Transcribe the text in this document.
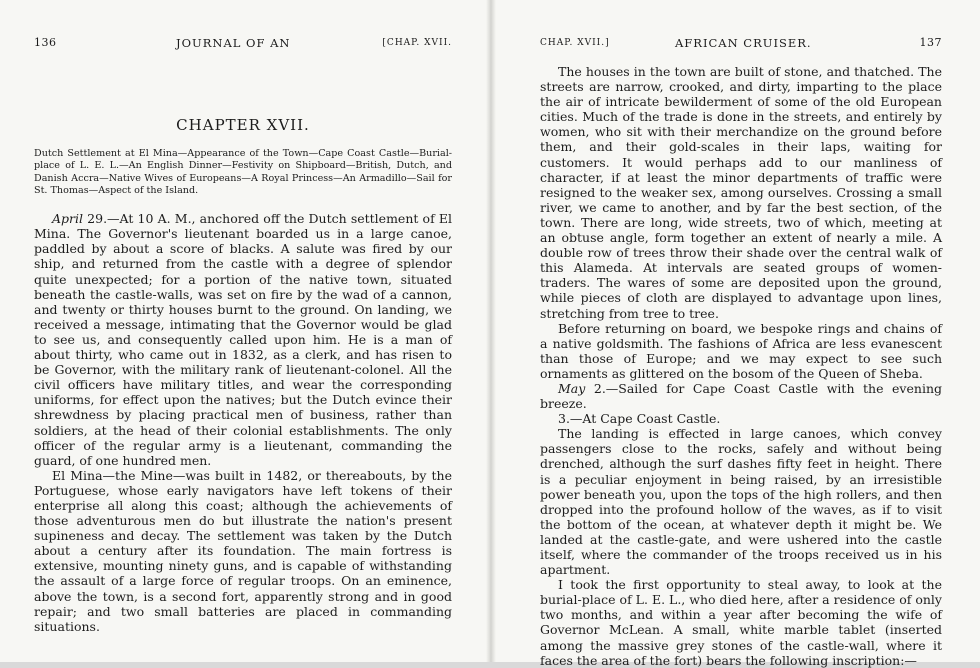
136	JOURNAL OF AN	[CHAP. XVII.
CHAPTER XVII.
Dutch Settlement at El Mina—Appearance of the Town—Cape Coast Castle—Burial-place of L. E. L.—An English Dinner—Festivity on Shipboard—British, Dutch, and Danish Accra—Native Wives of Europeans—A Royal Princess—An Armadillo—Sail for St. Thomas—Aspect of the Island.

April 29.—At 10 A. M., anchored off the Dutch settlement of El Mina. The Governor's lieutenant boarded us in a large canoe, paddled by about a score of blacks. A salute was fired by our ship, and returned from the castle with a degree of splendor quite unexpected; for a portion of the native town, situated beneath the castle-walls, was set on fire by the wad of a cannon, and twenty or thirty houses burnt to the ground. On landing, we received a message, intimating that the Governor would be glad to see us, and consequently called upon him. He is a man of about thirty, who came out in 1832, as a clerk, and has risen to be Governor, with the military rank of lieutenant-colonel. All the civil officers have military titles, and wear the corresponding uniforms, for effect upon the natives; but the Dutch evince their shrewdness by placing practical men of business, rather than soldiers, at the head of their colonial establishments. The only officer of the regular army is a lieutenant, commanding the guard, of one hundred men.

El Mina—the Mine—was built in 1482, or thereabouts, by the Portuguese, whose early navigators have left tokens of their enterprise all along this coast; although the achievements of those adventurous men do but illustrate the nation's present supineness and decay. The settlement was taken by the Dutch about a century after its foundation. The main fortress is extensive, mounting ninety guns, and is capable of withstanding the assault of a large force of regular troops. On an eminence, above the town, is a second fort, apparently strong and in good repair; and two small batteries are placed in commanding situations.

CHAP. XVII.]	AFRICAN CRUISER.	137

The houses in the town are built of stone, and thatched. The streets are narrow, crooked, and dirty, imparting to the place the air of intricate bewilderment of some of the old European cities. Much of the trade is done in the streets, and entirely by women, who sit with their merchandize on the ground before them, and their gold-scales in their laps, waiting for customers. It would perhaps add to our manliness of character, if at least the minor departments of traffic were resigned to the weaker sex, among ourselves. Crossing a small river, we came to another, and by far the best section, of the town. There are long, wide streets, two of which, meeting at an obtuse angle, form together an extent of nearly a mile. A double row of trees throw their shade over the central walk of this Alameda. At intervals are seated groups of women-traders. The wares of some are deposited upon the ground, while pieces of cloth are displayed to advantage upon lines, stretching from tree to tree.

Before returning on board, we bespoke rings and chains of a native goldsmith. The fashions of Africa are less evanescent than those of Europe; and we may expect to see such ornaments as glittered on the bosom of the Queen of Sheba.

May 2.—Sailed for Cape Coast Castle with the evening breeze.

3.—At Cape Coast Castle.

The landing is effected in large canoes, which convey passengers close to the rocks, safely and without being drenched, although the surf dashes fifty feet in height. There is a peculiar enjoyment in being raised, by an irresistible power beneath you, upon the tops of the high rollers, and then dropped into the profound hollow of the waves, as if to visit the bottom of the ocean, at whatever depth it might be. We landed at the castle-gate, and were ushered into the castle itself, where the commander of the troops received us in his apartment.

I took the first opportunity to steal away, to look at the burial-place of L. E. L., who died here, after a residence of only two months, and within a year after becoming the wife of Governor McLean. A small, white marble tablet (inserted among the massive grey stones of the castle-wall, where it faces the area of the fort) bears the following inscription:—
